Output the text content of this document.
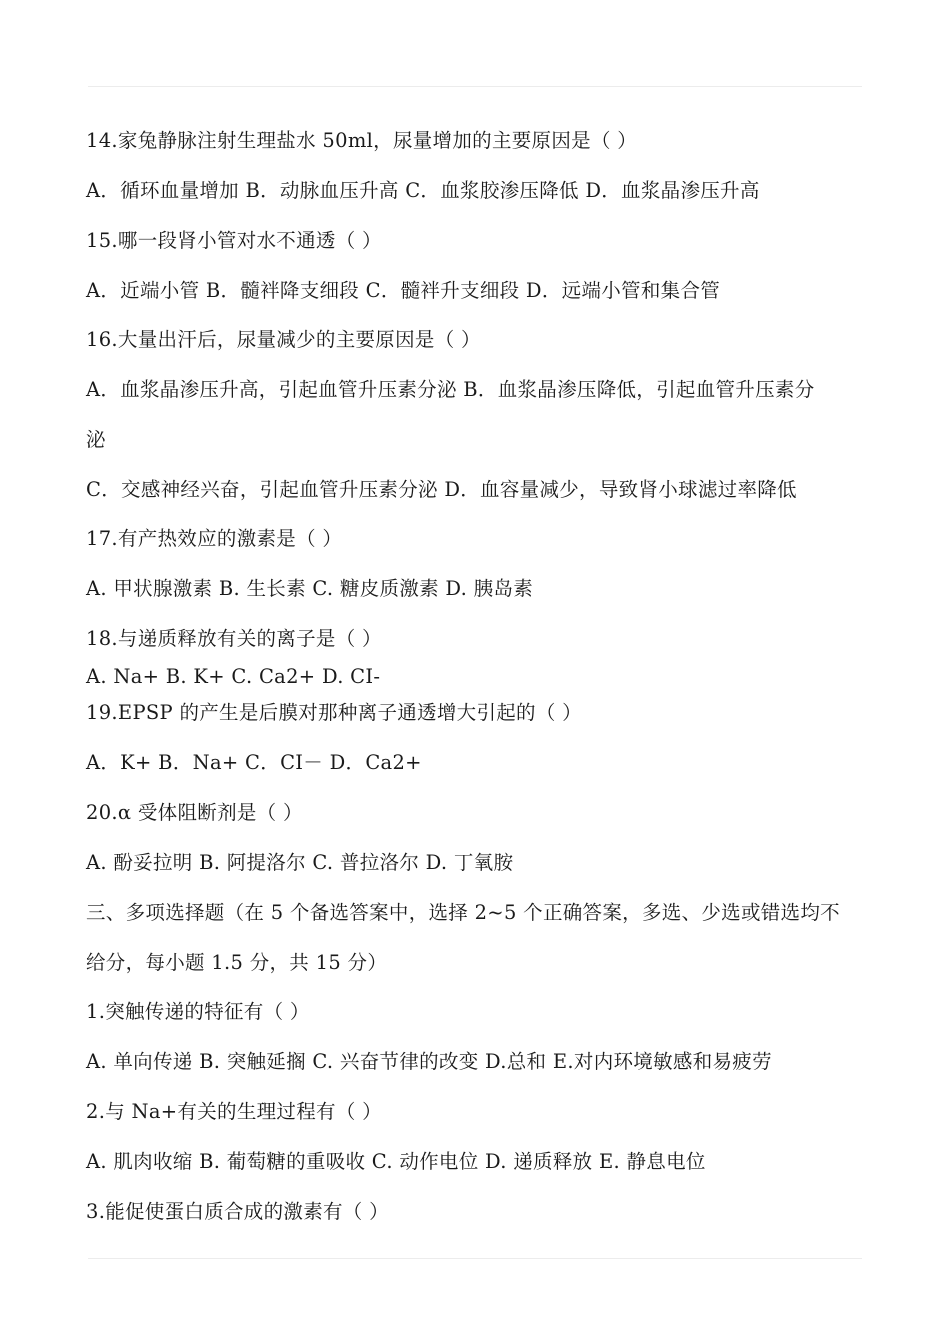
14.家兔静脉注射生理盐水 50ml，尿量增加的主要原因是（ ）
A．循环血量增加 B．动脉血压升高 C．血浆胶渗压降低 D．血浆晶渗压升高
15.哪一段肾小管对水不通透（ ）
A．近端小管 B．髓袢降支细段 C．髓袢升支细段 D．远端小管和集合管
16.大量出汗后，尿量减少的主要原因是（ ）
A．血浆晶渗压升高，引起血管升压素分泌 B．血浆晶渗压降低，引起血管升压素分
泌
C．交感神经兴奋，引起血管升压素分泌 D．血容量减少，导致肾小球滤过率降低
17.有产热效应的激素是（ ）
A. 甲状腺激素 B. 生长素 C. 糖皮质激素 D. 胰岛素
18.与递质释放有关的离子是（ ）
A. Na+ B. K+ C. Ca2+ D. CI-
19.EPSP 的产生是后膜对那种离子通透增大引起的（ ）
A．K+ B．Na+ C．CI－ D．Ca2+
20.α 受体阻断剂是（ ）
A. 酚妥拉明 B. 阿提洛尔 C. 普拉洛尔 D. 丁氧胺
三、多项选择题（在 5 个备选答案中，选择 2~5 个正确答案，多选、少选或错选均不
给分，每小题 1.5 分，共 15 分）
1.突触传递的特征有（ ）
A. 单向传递 B. 突触延搁 C. 兴奋节律的改变 D.总和 E.对内环境敏感和易疲劳
2.与 Na+有关的生理过程有（ ）
A. 肌肉收缩 B. 葡萄糖的重吸收 C. 动作电位 D. 递质释放 E. 静息电位
3.能促使蛋白质合成的激素有（ ）
